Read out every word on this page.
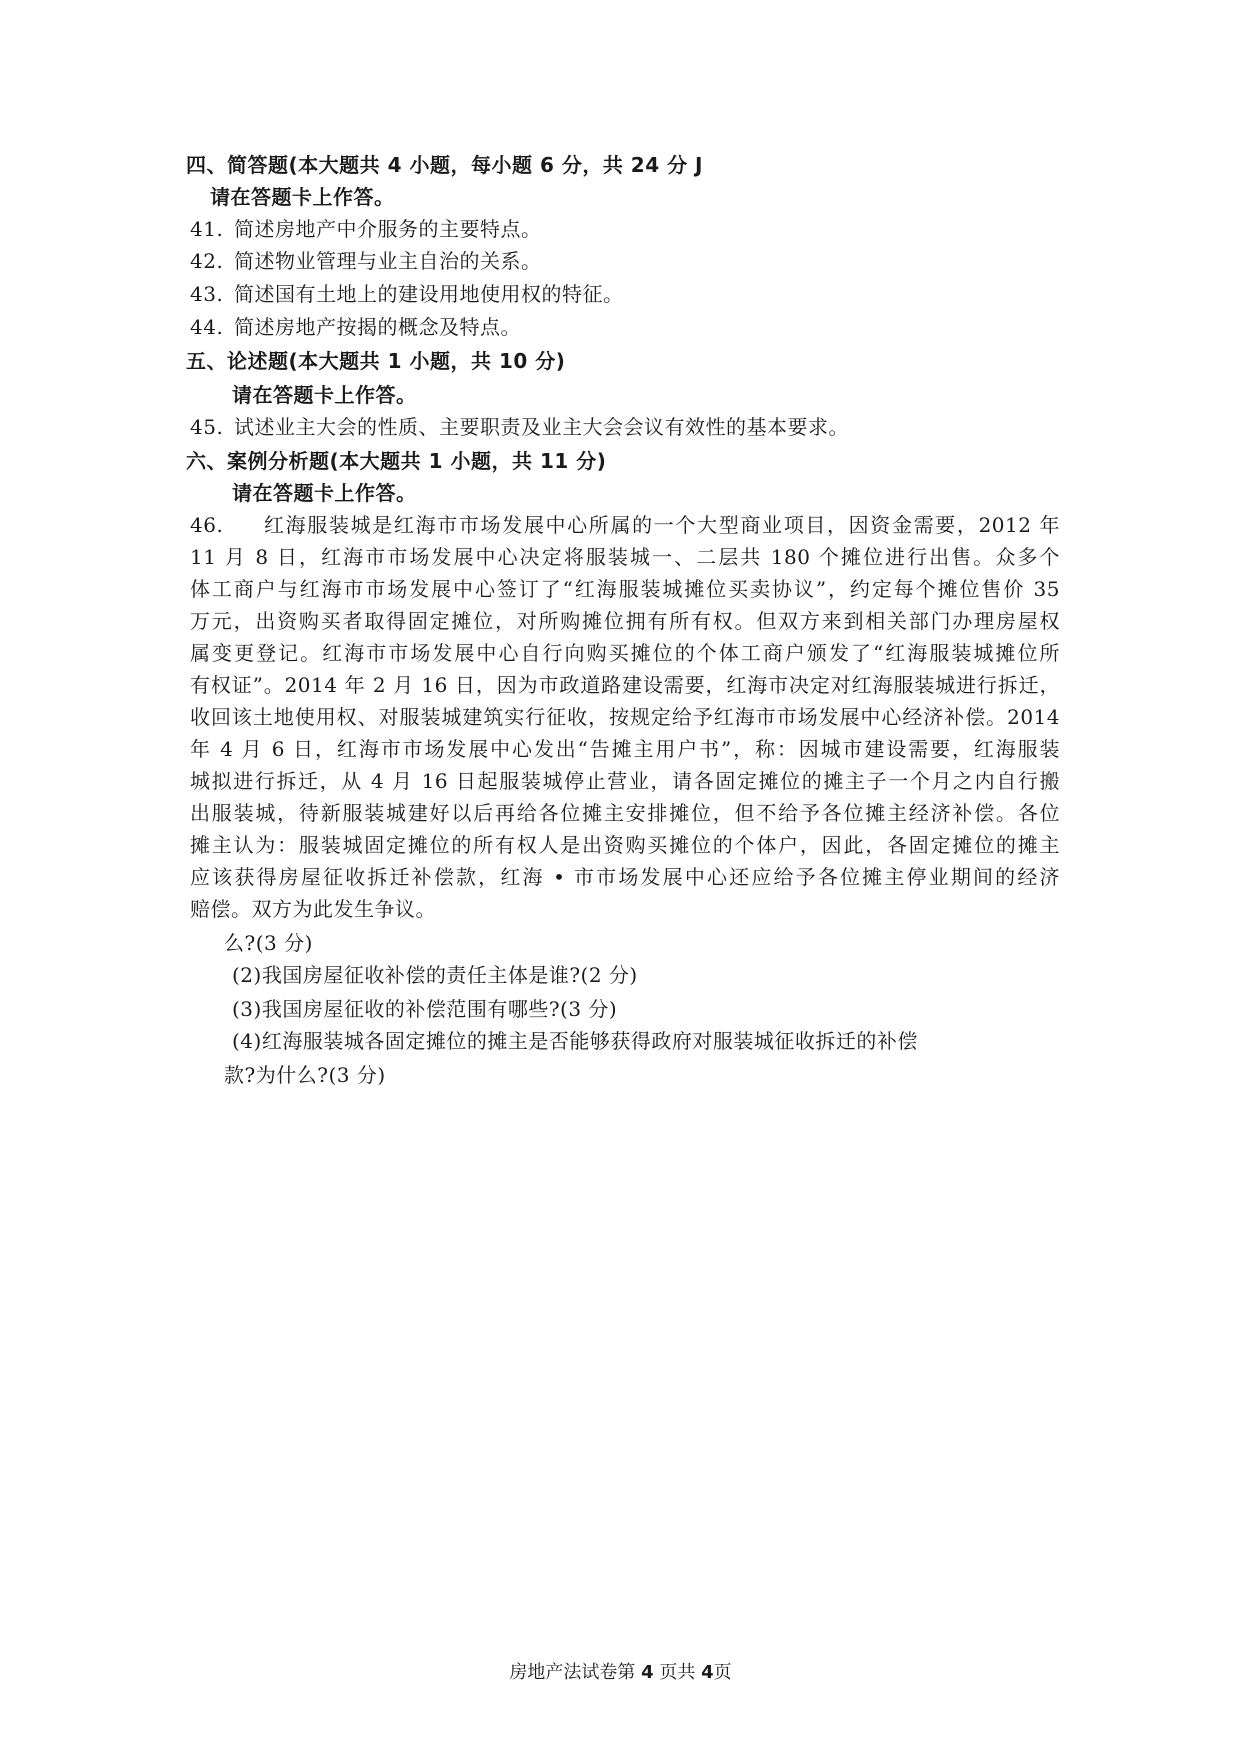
四、简答题(本大题共 4 小题，每小题 6 分，共 24 分 J
请在答题卡上作答。
41. 简述房地产中介服务的主要特点。
42. 简述物业管理与业主自治的关系。
43. 简述国有土地上的建设用地使用权的特征。
44. 简述房地产按揭的概念及特点。
五、论述题(本大题共 1 小题，共 10 分)
请在答题卡上作答。
45. 试述业主大会的性质、主要职责及业主大会会议有效性的基本要求。
六、案例分析题(本大题共 1 小题，共 11 分)
请在答题卡上作答。
46. 红海服装城是红海市市场发展中心所属的一个大型商业项目，因资金需要，2012 年
11 月 8 日，红海市市场发展中心决定将服装城一、二层共 180 个摊位进行出售。众多个
体工商户与红海市市场发展中心签订了“红海服装城摊位买卖协议”，约定每个摊位售价 35
万元，出资购买者取得固定摊位，对所购摊位拥有所有权。但双方来到相关部门办理房屋权
属变更登记。红海市市场发展中心自行向购买摊位的个体工商户颁发了“红海服装城摊位所
有权证”。2014 年 2 月 16 日，因为市政道路建设需要，红海市决定对红海服装城进行拆迁，
收回该土地使用权、对服装城建筑实行征收，按规定给予红海市市场发展中心经济补偿。2014
年 4 月 6 日，红海市市场发展中心发出“告摊主用户书”，称：因城市建设需要，红海服装
城拟进行拆迁，从 4 月 16 日起服装城停止营业，请各固定摊位的摊主子一个月之内自行搬
出服装城，待新服装城建好以后再给各位摊主安排摊位，但不给予各位摊主经济补偿。各位
摊主认为：服装城固定摊位的所有权人是出资购买摊位的个体户，因此，各固定摊位的摊主
应该获得房屋征收拆迁补偿款，红海 • 市市场发展中心还应给予各位摊主停业期间的经济
赔偿。双方为此发生争议。
么?(3 分)
(2)我国房屋征收补偿的责任主体是谁?(2 分)
(3)我国房屋征收的补偿范围有哪些?(3 分)
(4)红海服装城各固定摊位的摊主是否能够获得政府对服装城征收拆迁的补偿
款?为什么?(3 分)
房地产法试卷第 4 页共 4页
